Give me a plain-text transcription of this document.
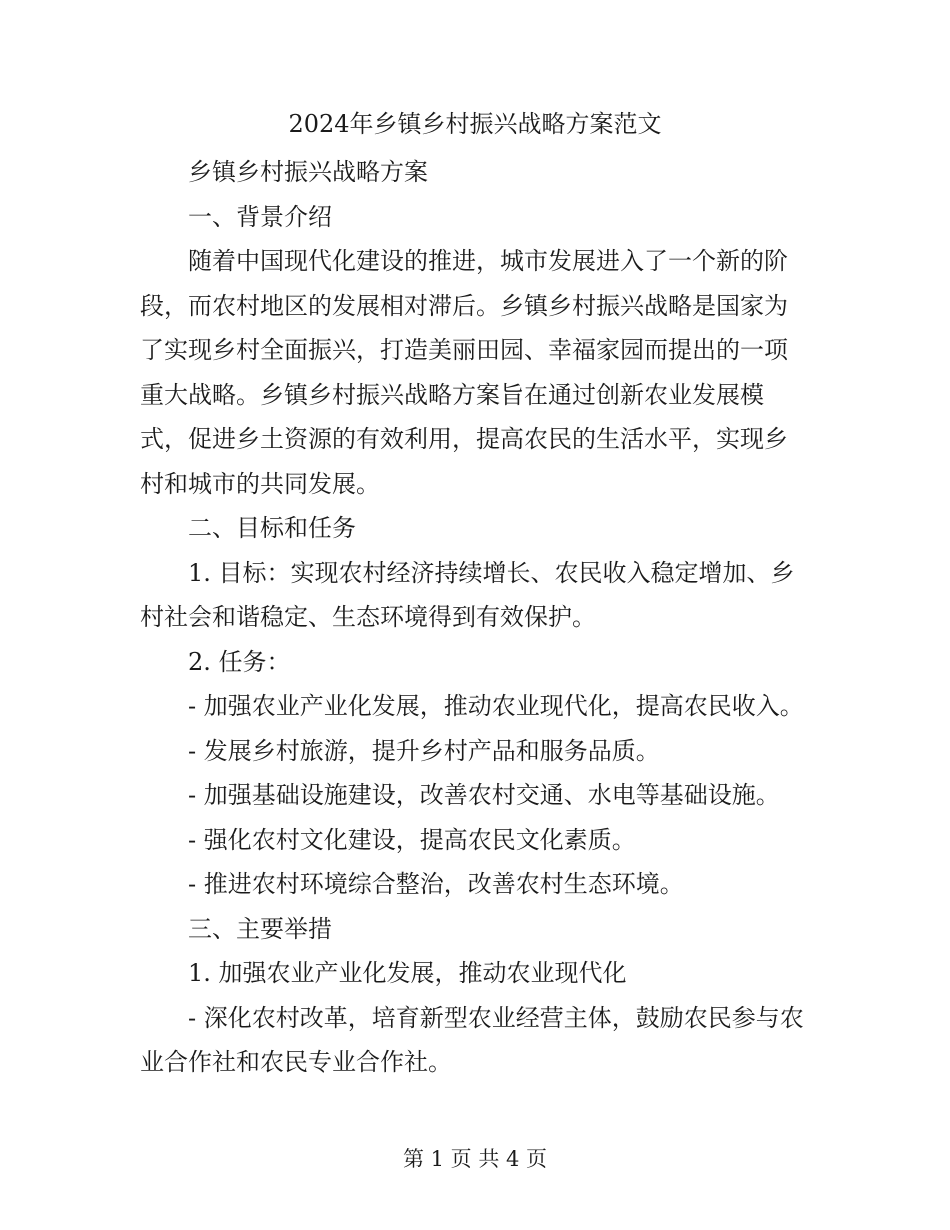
2024年乡镇乡村振兴战略方案范文

乡镇乡村振兴战略方案

一、背景介绍

随着中国现代化建设的推进，城市发展进入了一个新的阶段，而农村地区的发展相对滞后。乡镇乡村振兴战略是国家为了实现乡村全面振兴，打造美丽田园、幸福家园而提出的一项重大战略。乡镇乡村振兴战略方案旨在通过创新农业发展模式，促进乡土资源的有效利用，提高农民的生活水平，实现乡村和城市的共同发展。

二、目标和任务

1. 目标：实现农村经济持续增长、农民收入稳定增加、乡村社会和谐稳定、生态环境得到有效保护。

2. 任务：

- 加强农业产业化发展，推动农业现代化，提高农民收入。

- 发展乡村旅游，提升乡村产品和服务品质。

- 加强基础设施建设，改善农村交通、水电等基础设施。

- 强化农村文化建设，提高农民文化素质。

- 推进农村环境综合整治，改善农村生态环境。

三、主要举措

1. 加强农业产业化发展，推动农业现代化

- 深化农村改革，培育新型农业经营主体，鼓励农民参与农业合作社和农民专业合作社。

第 1 页 共 4 页
